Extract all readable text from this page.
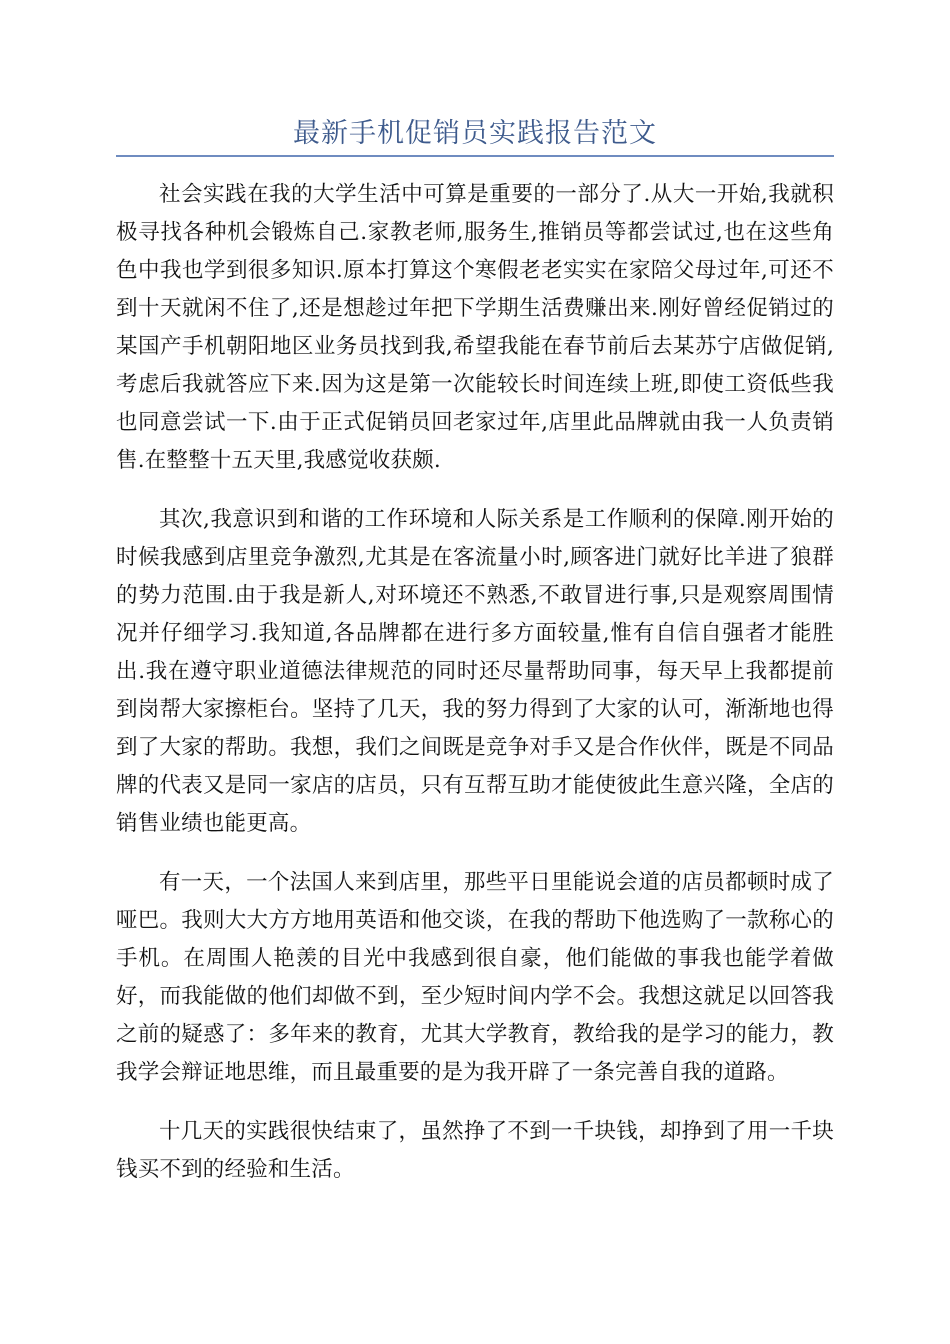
最新手机促销员实践报告范文

社会实践在我的大学生活中可算是重要的一部分了.从大一开始,我就积极寻找各种机会锻炼自己.家教老师,服务生,推销员等都尝试过,也在这些角色中我也学到很多知识.原本打算这个寒假老老实实在家陪父母过年,可还不到十天就闲不住了,还是想趁过年把下学期生活费赚出来.刚好曾经促销过的某国产手机朝阳地区业务员找到我,希望我能在春节前后去某苏宁店做促销,考虑后我就答应下来.因为这是第一次能较长时间连续上班,即使工资低些我也同意尝试一下.由于正式促销员回老家过年,店里此品牌就由我一人负责销售.在整整十五天里,我感觉收获颇.

其次,我意识到和谐的工作环境和人际关系是工作顺利的保障.刚开始的时候我感到店里竞争激烈,尤其是在客流量小时,顾客进门就好比羊进了狼群的势力范围.由于我是新人,对环境还不熟悉,不敢冒进行事,只是观察周围情况并仔细学习.我知道,各品牌都在进行多方面较量,惟有自信自强者才能胜出.我在遵守职业道德法律规范的同时还尽量帮助同事，每天早上我都提前到岗帮大家擦柜台。坚持了几天，我的努力得到了大家的认可，渐渐地也得到了大家的帮助。我想，我们之间既是竞争对手又是合作伙伴，既是不同品牌的代表又是同一家店的店员，只有互帮互助才能使彼此生意兴隆，全店的销售业绩也能更高。

有一天，一个法国人来到店里，那些平日里能说会道的店员都顿时成了哑巴。我则大大方方地用英语和他交谈，在我的帮助下他选购了一款称心的手机。在周围人艳羡的目光中我感到很自豪，他们能做的事我也能学着做好，而我能做的他们却做不到，至少短时间内学不会。我想这就足以回答我之前的疑惑了：多年来的教育，尤其大学教育，教给我的是学习的能力，教我学会辩证地思维，而且最重要的是为我开辟了一条完善自我的道路。

十几天的实践很快结束了，虽然挣了不到一千块钱，却挣到了用一千块钱买不到的经验和生活。
